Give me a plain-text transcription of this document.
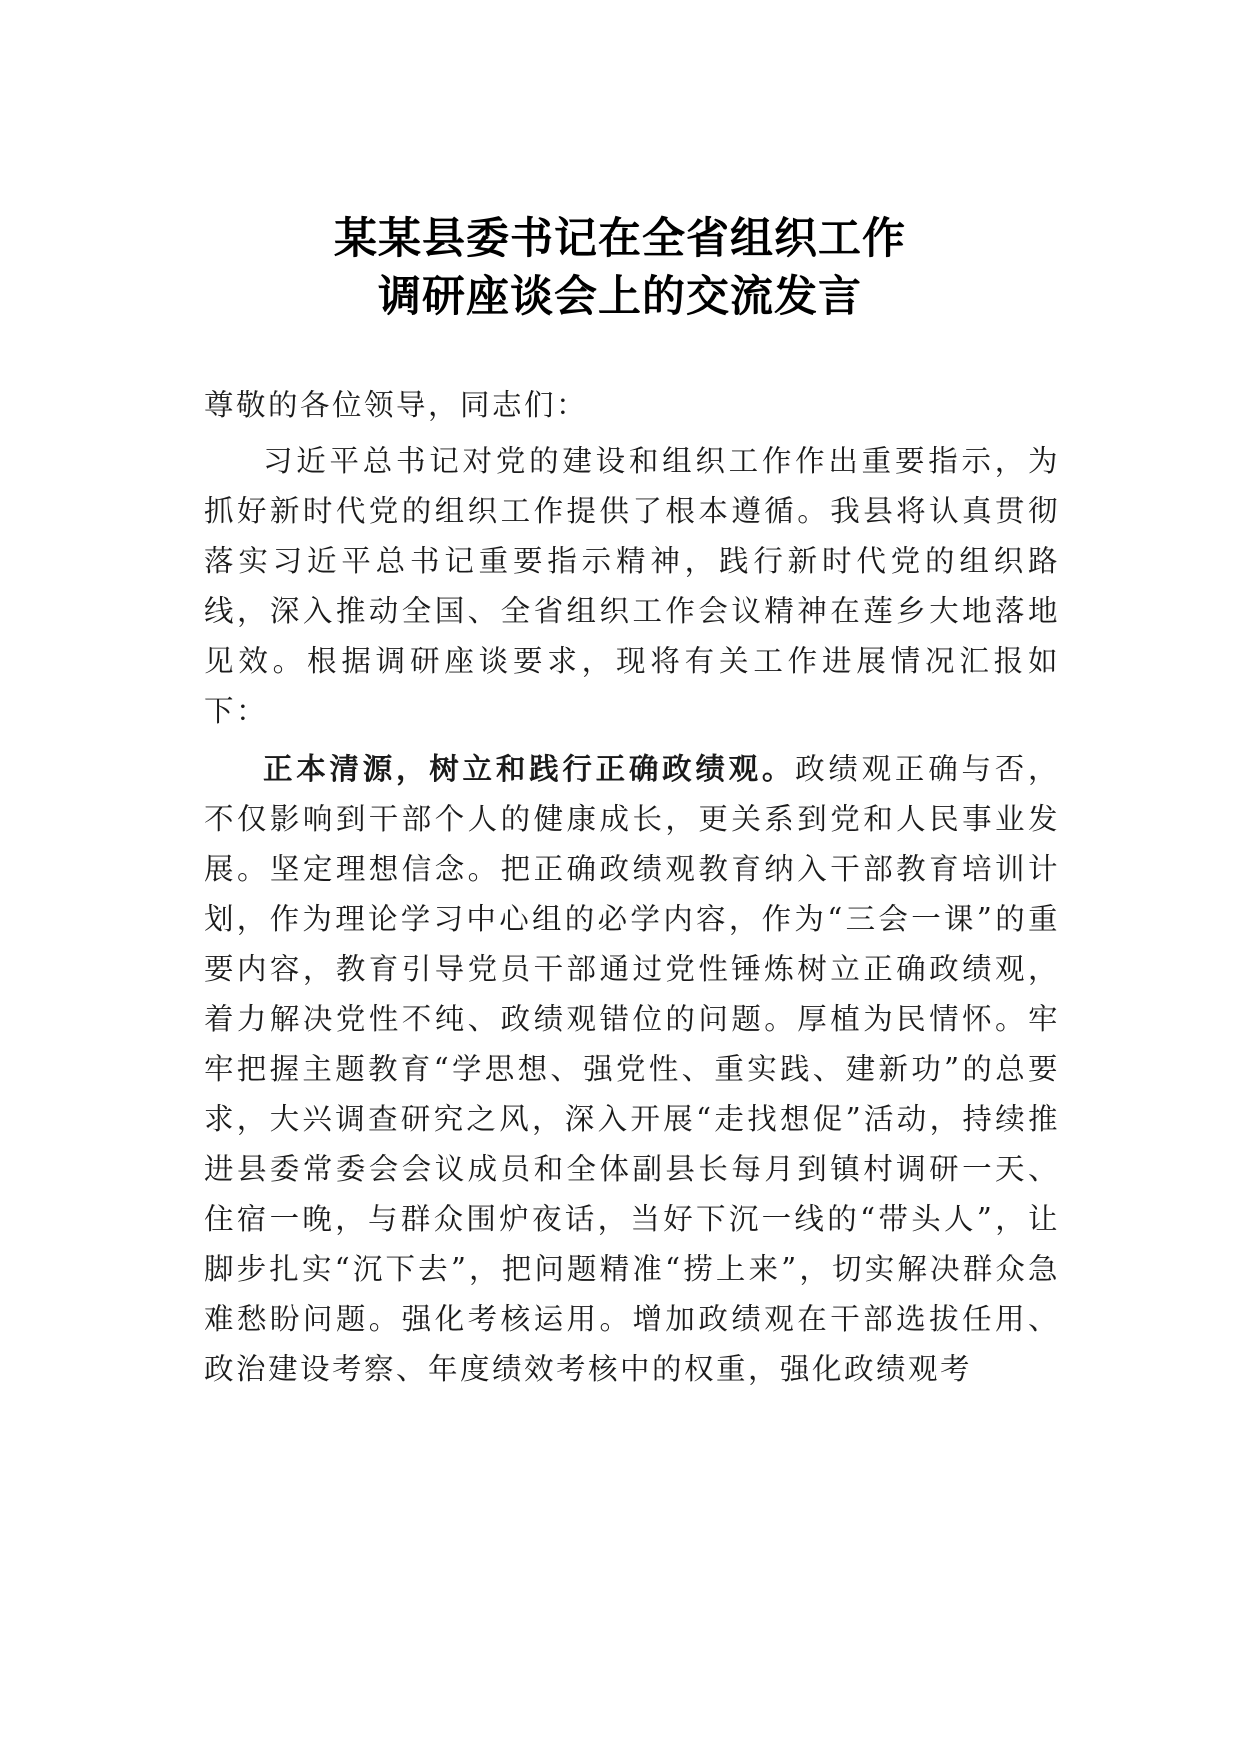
某某县委书记在全省组织工作
调研座谈会上的交流发言
尊敬的各位领导，同志们：

习近平总书记对党的建设和组织工作作出重要指示，为抓好新时代党的组织工作提供了根本遵循。我县将认真贯彻落实习近平总书记重要指示精神，践行新时代党的组织路线，深入推动全国、全省组织工作会议精神在莲乡大地落地见效。根据调研座谈要求，现将有关工作进展情况汇报如下：

正本清源，树立和践行正确政绩观。政绩观正确与否，不仅影响到干部个人的健康成长，更关系到党和人民事业发展。坚定理想信念。把正确政绩观教育纳入干部教育培训计划，作为理论学习中心组的必学内容，作为“三会一课”的重要内容，教育引导党员干部通过党性锤炼树立正确政绩观，着力解决党性不纯、政绩观错位的问题。厚植为民情怀。牢牢把握主题教育“学思想、强党性、重实践、建新功”的总要求，大兴调查研究之风，深入开展“走找想促”活动，持续推进县委常委会会议成员和全体副县长每月到镇村调研一天、住宿一晚，与群众围炉夜话，当好下沉一线的“带头人”，让脚步扎实“沉下去”，把问题精准“捞上来”，切实解决群众急难愁盼问题。强化考核运用。增加政绩观在干部选拔任用、政治建设考察、年度绩效考核中的权重，强化政绩观考
